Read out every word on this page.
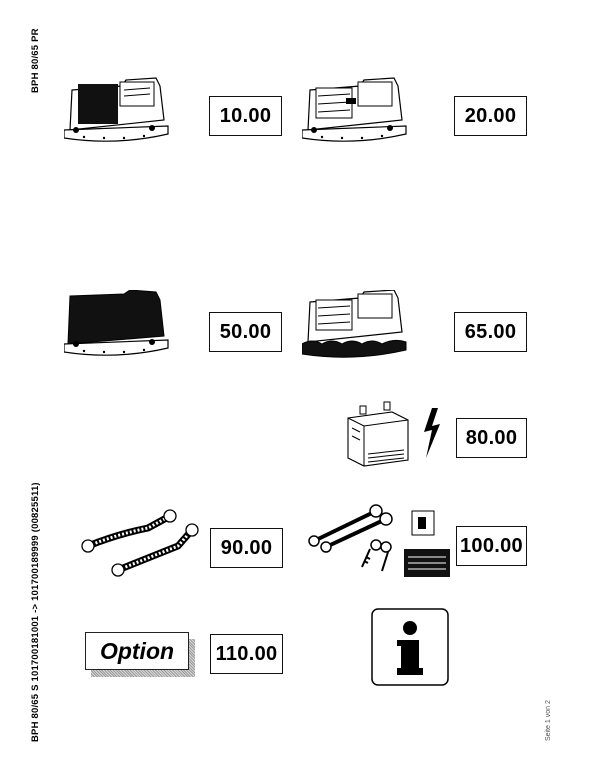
BPH 80/65 PR
BPH 80/65 S 101700181001 -> 101700189999 (00825511)	Seite 1 von 2
10.00	20.00
50.00	65.00
80.00
90.00	100.00
Option	110.00
